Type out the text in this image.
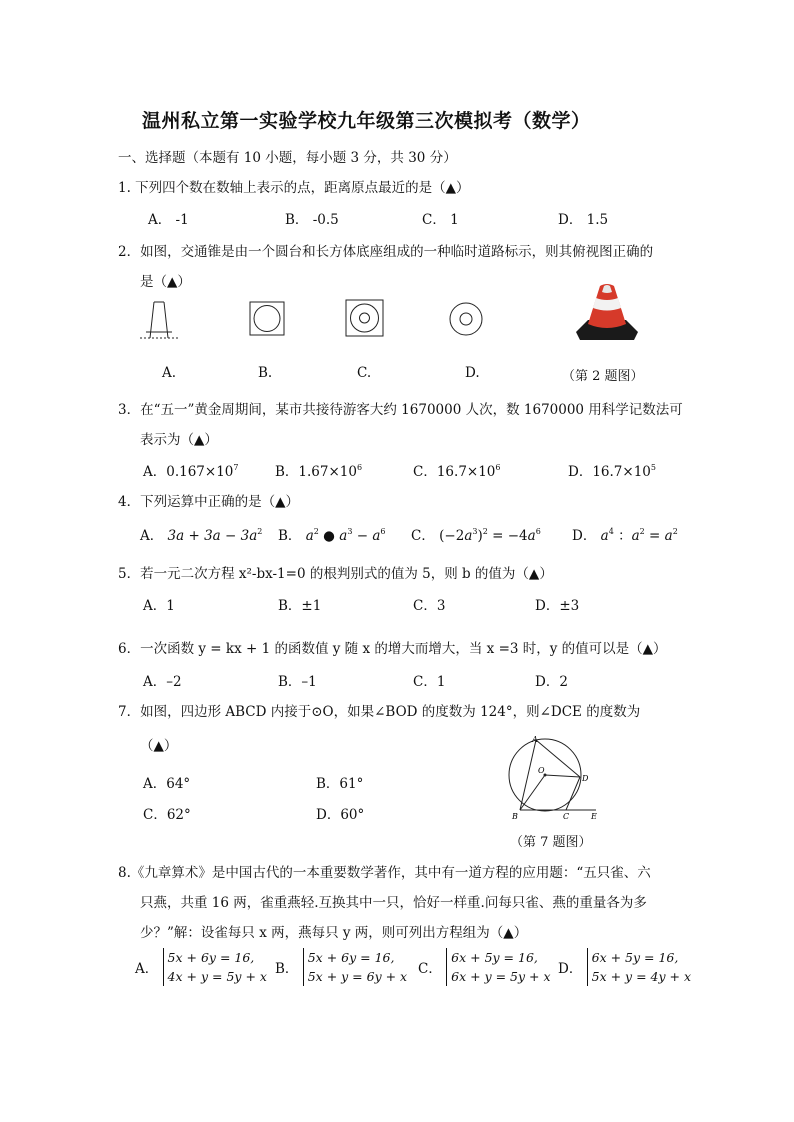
温州私立第一实验学校九年级第三次模拟考（数学）
一、选择题（本题有 10 小题，每小题 3 分，共 30 分）
1. 下列四个数在数轴上表示的点，距离原点最近的是（▲）
A． -1	B． -0.5	C． 1	D． 1.5
2．如图，交通锥是由一个圆台和长方体底座组成的一种临时道路标示，则其俯视图正确的
是（▲）
A.	B.	C.	D.	（第 2 题图）
3．在“五一”黄金周期间，某市共接待游客大约 1670000 人次，数 1670000 用科学记数法可
表示为（▲）
A．$0.167\times 10^7$	B．$1.67\times 10^6$	C．$16.7\times 10^6$	D．$16.7\times 10^5$
4．下列运算中正确的是（▲）
A． $3a + 3a - 3a^2$ B． $a^2$ ● $a^3 - a^6$ C． $(-2a^3)^2 = -4a^6$ D． $a^4$ ：$a^2 = a^2$
5．若一元二次方程 x²-bx-1=0 的根判别式的值为 5，则 b 的值为（▲）
A．1	B．±1	C．3	D．±3
6．一次函数 y = kx + 1 的函数值 y 随 x 的增大而增大，当 x =3 时，y 的值可以是（▲）
A．–2	B．–1	C．1	D．2
7．如图，四边形 ABCD 内接于⊙O，如果∠BOD 的度数为 124°，则∠DCE 的度数为
（▲）
A．64°	B．61°
C．62°	D．60°
A
O
D
B	C	E
（第 7 题图）
8.《九章算术》是中国古代的一本重要数学著作，其中有一道方程的应用题：“五只雀、六
只燕，共重 16 两，雀重燕轻.互换其中一只，恰好一样重.问每只雀、燕的重量各为多
少？”解：设雀每只 x 两，燕每只 y 两，则可列出方程组为（▲）
A． 5x + 6y = 16,
4x + y = 5y + x B． 5x + 6y = 16,
5x + y = 6y + x C． 6x + 5y = 16,
6x + y = 5y + x D． 6x + 5y = 16,
5x + y = 4y + x
